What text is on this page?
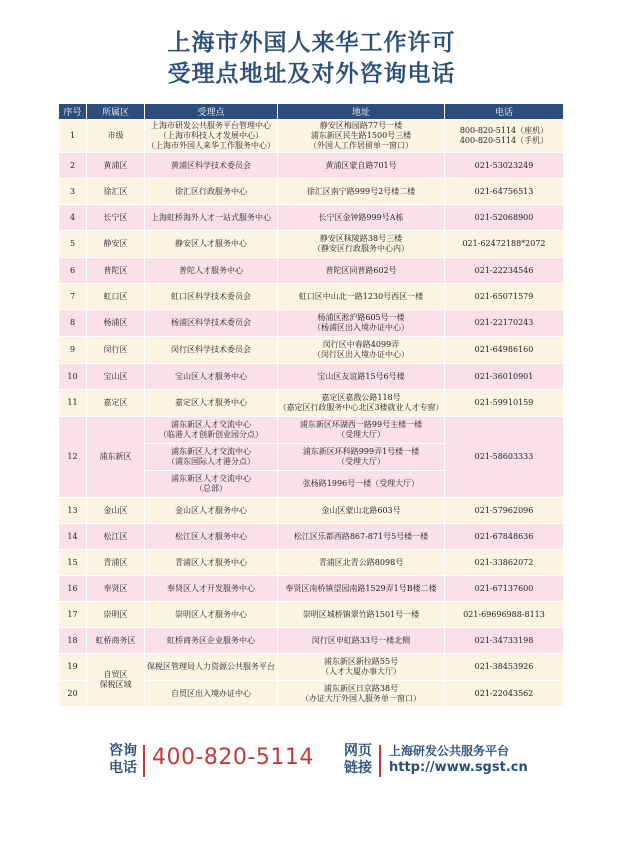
上海市外国人来华工作许可
受理点地址及对外咨询电话
序号	所属区	受理点	地址	电话
1	市级	上海市研发公共服务平台管理中心
（上海市科技人才发展中心）
（上海市外国人来华工作服务中心）	静安区梅园路77号一楼
浦东新区民生路1500号三楼
（外国人工作居留单一窗口）	800-820-5114（座机）
400-820-5114（手机）
2	黄浦区	黄浦区科学技术委员会	黄浦区蒙自路701号	021-53023249
3	徐汇区	徐汇区行政服务中心	徐汇区南宁路999号2号楼二楼	021-64756513
4	长宁区	上海虹桥海外人才一站式服务中心	长宁区金钟路999号A栋	021-52068900
5	静安区	静安区人才服务中心	静安区秣陵路38号三楼
（静安区行政服务中心内）	021-62472188*2072
6	普陀区	普陀人才服务中心	普陀区同普路602号	021-22234546
7	虹口区	虹口区科学技术委员会	虹口区中山北一路1230号西区一楼	021-65071579
8	杨浦区	杨浦区科学技术委员会	杨浦区淞沪路605号一楼
（杨浦区出入境办证中心）	021-22170243
9	闵行区	闵行区科学技术委员会	闵行区中春路4099弄
（闵行区出入境办证中心）	021-64986160
10	宝山区	宝山区人才服务中心	宝山区友谊路15号6号楼	021-36010901
11	嘉定区	嘉定区人才服务中心	嘉定区嘉戬公路118号
（嘉定区行政服务中心北区3楼就业人才专窗）	021-59910159
12	浦东新区	浦东新区人才交流中心
（临港人才创新创业园分点）	浦东新区环湖西一路99号主楼一楼
（受理大厅）	021-58603333
		浦东新区人才交流中心
（浦东国际人才港分点）	浦东新区环科路999弄1号楼一楼
（受理大厅）	
		浦东新区人才交流中心
（总部）	张杨路1996号一楼（受理大厅）	
13	金山区	金山区人才服务中心	金山区蒙山北路603号	021-57962096
14	松江区	松江区人才服务中心	松江区乐都西路867-871号5号楼一楼	021-67848636
15	青浦区	青浦区人才服务中心	青浦区北青公路8098号	021-33862072
16	奉贤区	奉贤区人才开发服务中心	奉贤区南桥镇望园南路1529弄1号B楼二楼	021-67137600
17	崇明区	崇明区人才服务中心	崇明区城桥镇翠竹路1501号一楼	021-69696988-8113
18	虹桥商务区	虹桥商务区企业服务中心	闵行区申虹路33号一楼北侧	021-34733198
19	自贸区
保税区域	保税区管理局人力资源公共服务平台	浦东新区新拉路55号
（人才大厦办事大厅）	021-38453926
20		自贸区出入境办证中心	浦东新区日京路38号
（办证大厅外国人服务单一窗口）	021-22043562
咨询
电话 400-820-5114 网页
链接
上海研发公共服务平台
http://www.sgst.cn
